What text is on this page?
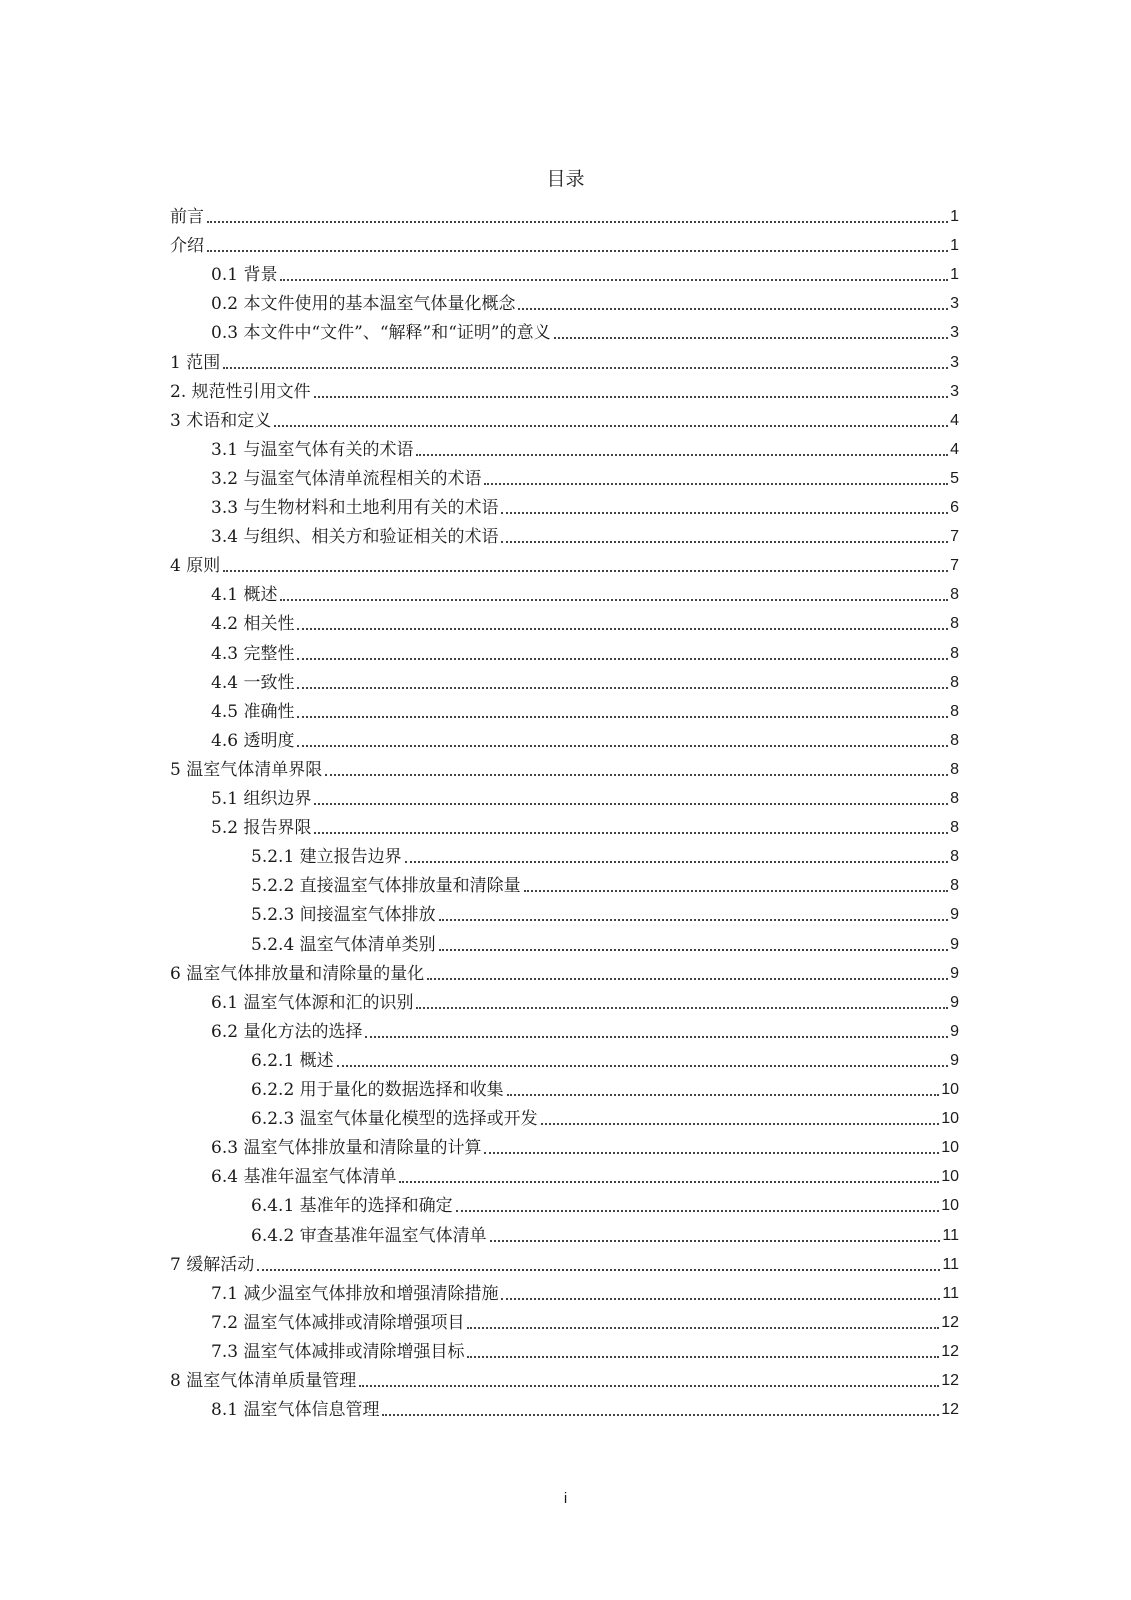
目录
前言	1
介绍	1
0.1 背景	1
0.2 本文件使用的基本温室气体量化概念	3
0.3 本文件中“文件”、“解释”和“证明”的意义	3
1 范围	3
2. 规范性引用文件	3
3 术语和定义	4
3.1 与温室气体有关的术语	4
3.2 与温室气体清单流程相关的术语	5
3.3 与生物材料和土地利用有关的术语	6
3.4 与组织、相关方和验证相关的术语	7
4 原则	7
4.1 概述	8
4.2 相关性	8
4.3 完整性	8
4.4 一致性	8
4.5 准确性	8
4.6 透明度	8
5 温室气体清单界限	8
5.1 组织边界	8
5.2 报告界限	8
5.2.1 建立报告边界	8
5.2.2 直接温室气体排放量和清除量	8
5.2.3 间接温室气体排放	9
5.2.4 温室气体清单类别	9
6 温室气体排放量和清除量的量化	9
6.1 温室气体源和汇的识别	9
6.2 量化方法的选择	9
6.2.1 概述	9
6.2.2 用于量化的数据选择和收集	10
6.2.3 温室气体量化模型的选择或开发	10
6.3 温室气体排放量和清除量的计算	10
6.4 基准年温室气体清单	10
6.4.1 基准年的选择和确定	10
6.4.2 审查基准年温室气体清单	11
7 缓解活动	11
7.1 减少温室气体排放和增强清除措施	11
7.2 温室气体减排或清除增强项目	12
7.3 温室气体减排或清除增强目标	12
8 温室气体清单质量管理	12
8.1 温室气体信息管理	12
i
